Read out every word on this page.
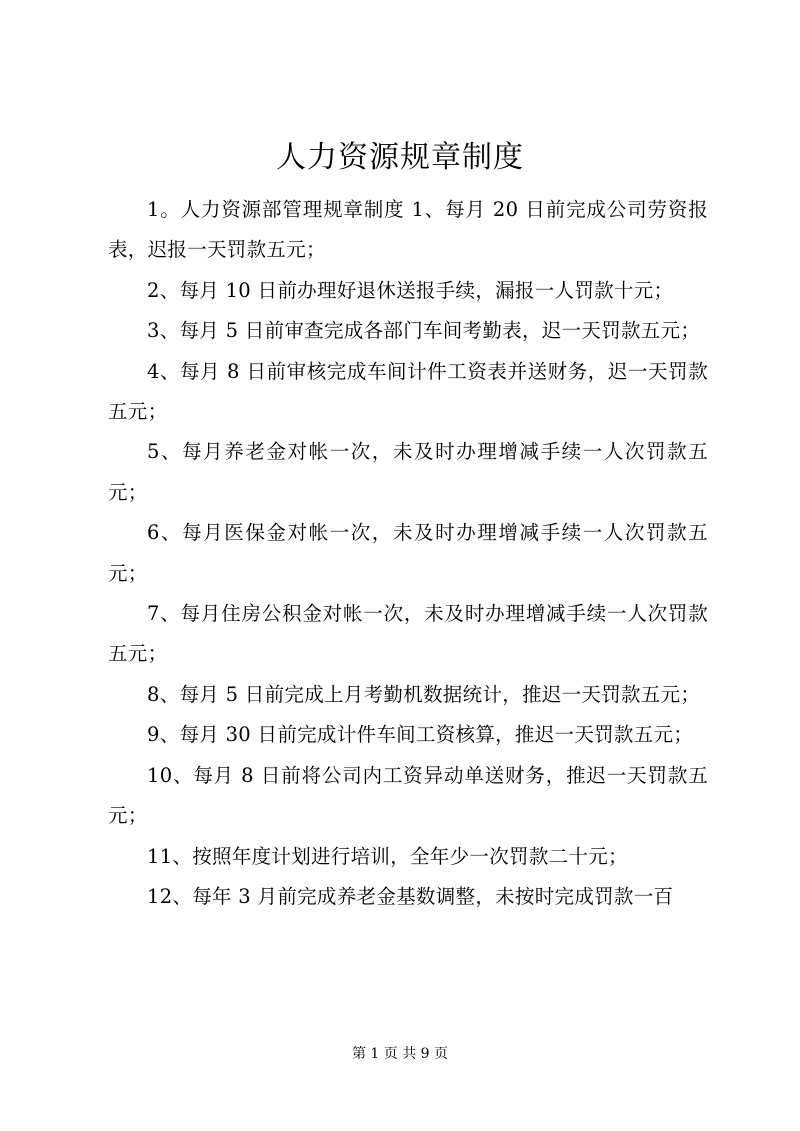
人力资源规章制度

1。人力资源部管理规章制度 1、每月 20 日前完成公司劳资报表，迟报一天罚款五元；

2、每月 10 日前办理好退休送报手续，漏报一人罚款十元；

3、每月 5 日前审查完成各部门车间考勤表，迟一天罚款五元；

4、每月 8 日前审核完成车间计件工资表并送财务，迟一天罚款五元；

5、每月养老金对帐一次，未及时办理增减手续一人次罚款五元；

6、每月医保金对帐一次，未及时办理增减手续一人次罚款五元；

7、每月住房公积金对帐一次，未及时办理增减手续一人次罚款五元；

8、每月 5 日前完成上月考勤机数据统计，推迟一天罚款五元；

9、每月 30 日前完成计件车间工资核算，推迟一天罚款五元；

10、每月 8 日前将公司内工资异动单送财务，推迟一天罚款五元；

11、按照年度计划进行培训，全年少一次罚款二十元；

12、每年 3 月前完成养老金基数调整，未按时完成罚款一百

第 1 页 共 9 页
